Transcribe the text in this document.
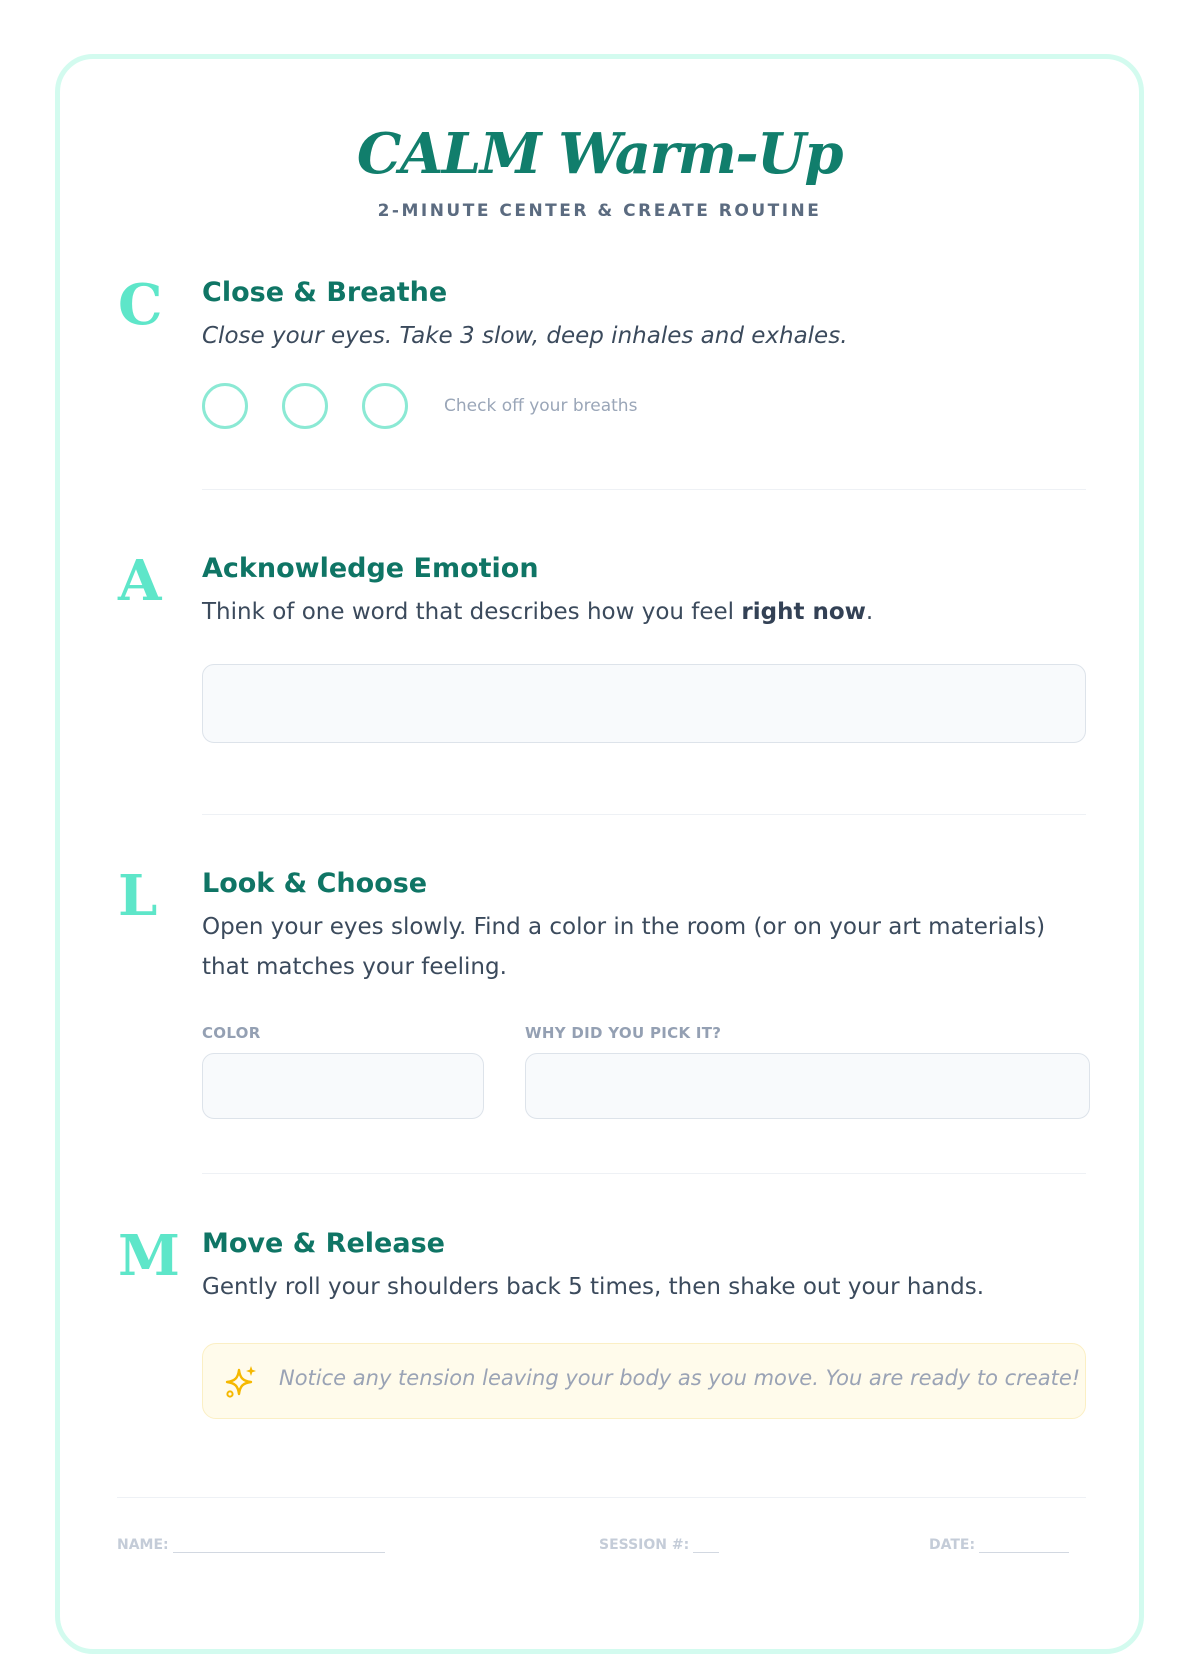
CALM Warm-Up
2-MINUTE CENTER & CREATE ROUTINE
C Close & Breathe
Close your eyes. Take 3 slow, deep inhales and exhales.
Check off your breaths
A Acknowledge Emotion
Think of one word that describes how you feel right now.
L Look & Choose
Open your eyes slowly. Find a color in the room (or on your art materials) that matches your feeling.
COLOR	WHY DID YOU PICK IT?
M Move & Release
Gently roll your shoulders back 5 times, then shake out your hands.
Notice any tension leaving your body as you move. You are ready to create!
NAME:	SESSION #:	DATE:
